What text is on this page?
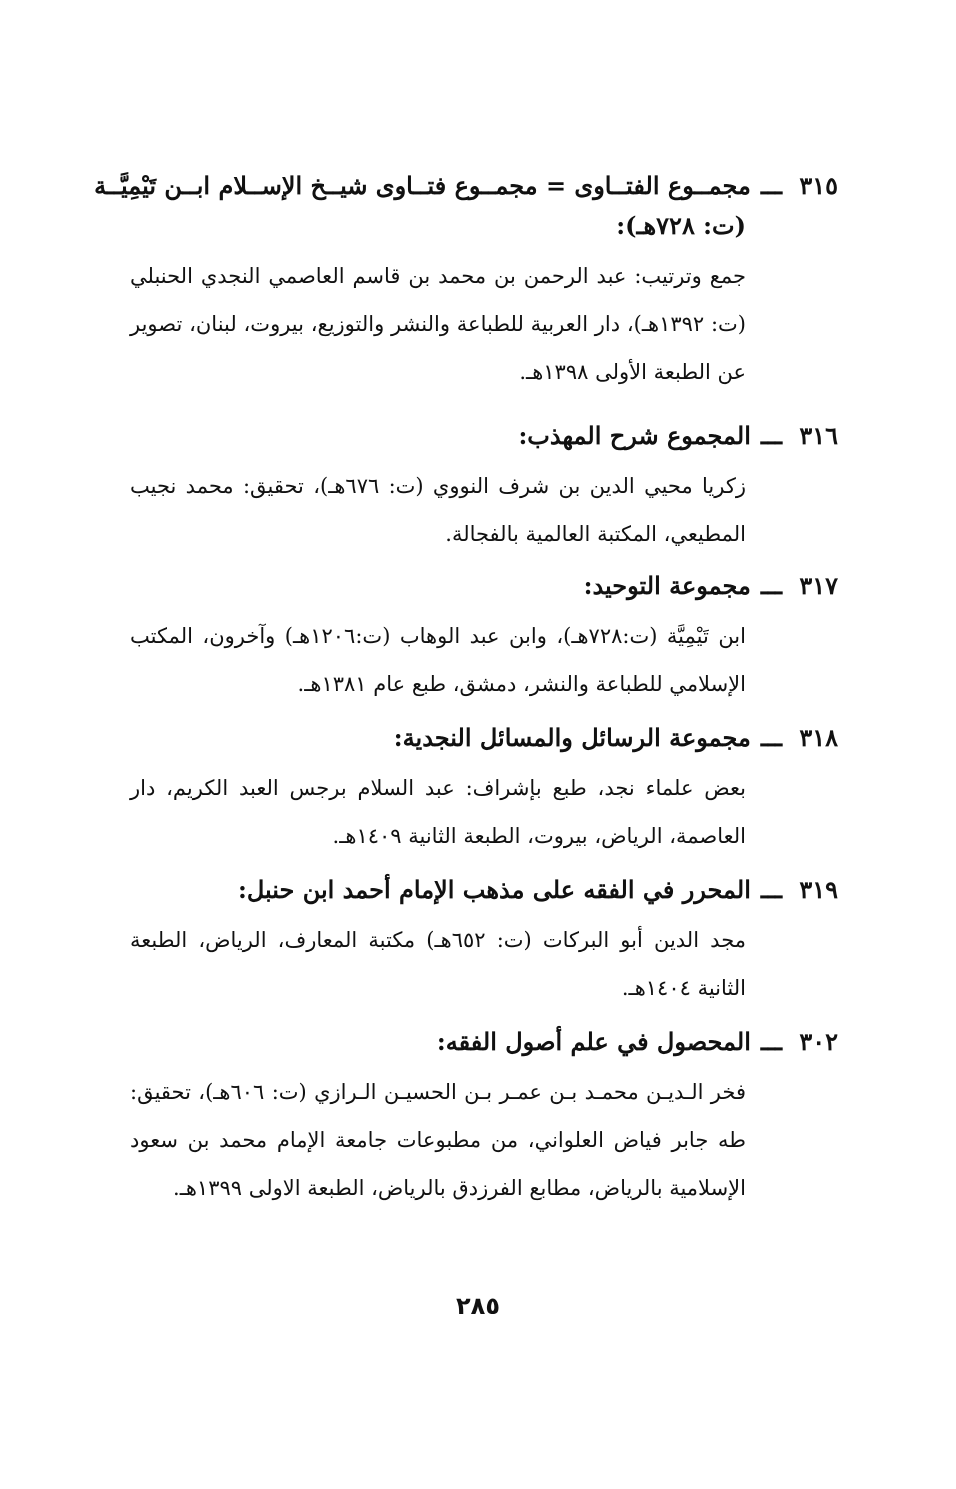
٣١٥ـــمجمــوع الفتــاوى = مجمــوع فتــاوى شيــخ الإســلام ابــن تَيْمِيَّــة
(ت: ٧٢٨هـ):
جمع وترتيب: عبد الرحمن بن محمد بن قاسم العاصمي النجدي الحنبلي (ت: ١٣٩٢هـ)، دار العربية للطباعة والنشر والتوزيع، بيروت، لبنان، تصوير عن الطبعة الأولى ١٣٩٨هـ.
٣١٦ـــالمجموع شرح المهذب:
زكريا محيي الدين بن شرف النووي (ت: ٦٧٦هـ)، تحقيق: محمد نجيب المطيعي، المكتبة العالمية بالفجالة.
٣١٧ـــمجموعة التوحيد:
ابن تَيْمِيَّة (ت:٧٢٨هـ)، وابن عبد الوهاب (ت:١٢٠٦هـ) وآخرون، المكتب الإسلامي للطباعة والنشر، دمشق، طبع عام ١٣٨١هـ.
٣١٨ـــمجموعة الرسائل والمسائل النجدية:
بعض علماء نجد، طبع بإشراف: عبد السلام برجس العبد الكريم، دار العاصمة، الرياض، بيروت، الطبعة الثانية ١٤٠٩هـ.
٣١٩ـــالمحرر في الفقه على مذهب الإمام أحمد ابن حنبل:
مجد الدين أبو البركات (ت: ٦٥٢هـ) مكتبة المعارف، الرياض، الطبعة الثانية ١٤٠٤هـ.
٣٠٢ـــالمحصول في علم أصول الفقه:
فخر الـديـن محمـد بـن عمـر بـن الحسيـن الـرازي (ت: ٦٠٦هـ)، تحقيق: طه جابر فياض العلواني، من مطبوعات جامعة الإمام محمد بن سعود الإسلامية بالرياض، مطابع الفرزدق بالرياض، الطبعة الاولى ١٣٩٩هـ.
٢٨٥
